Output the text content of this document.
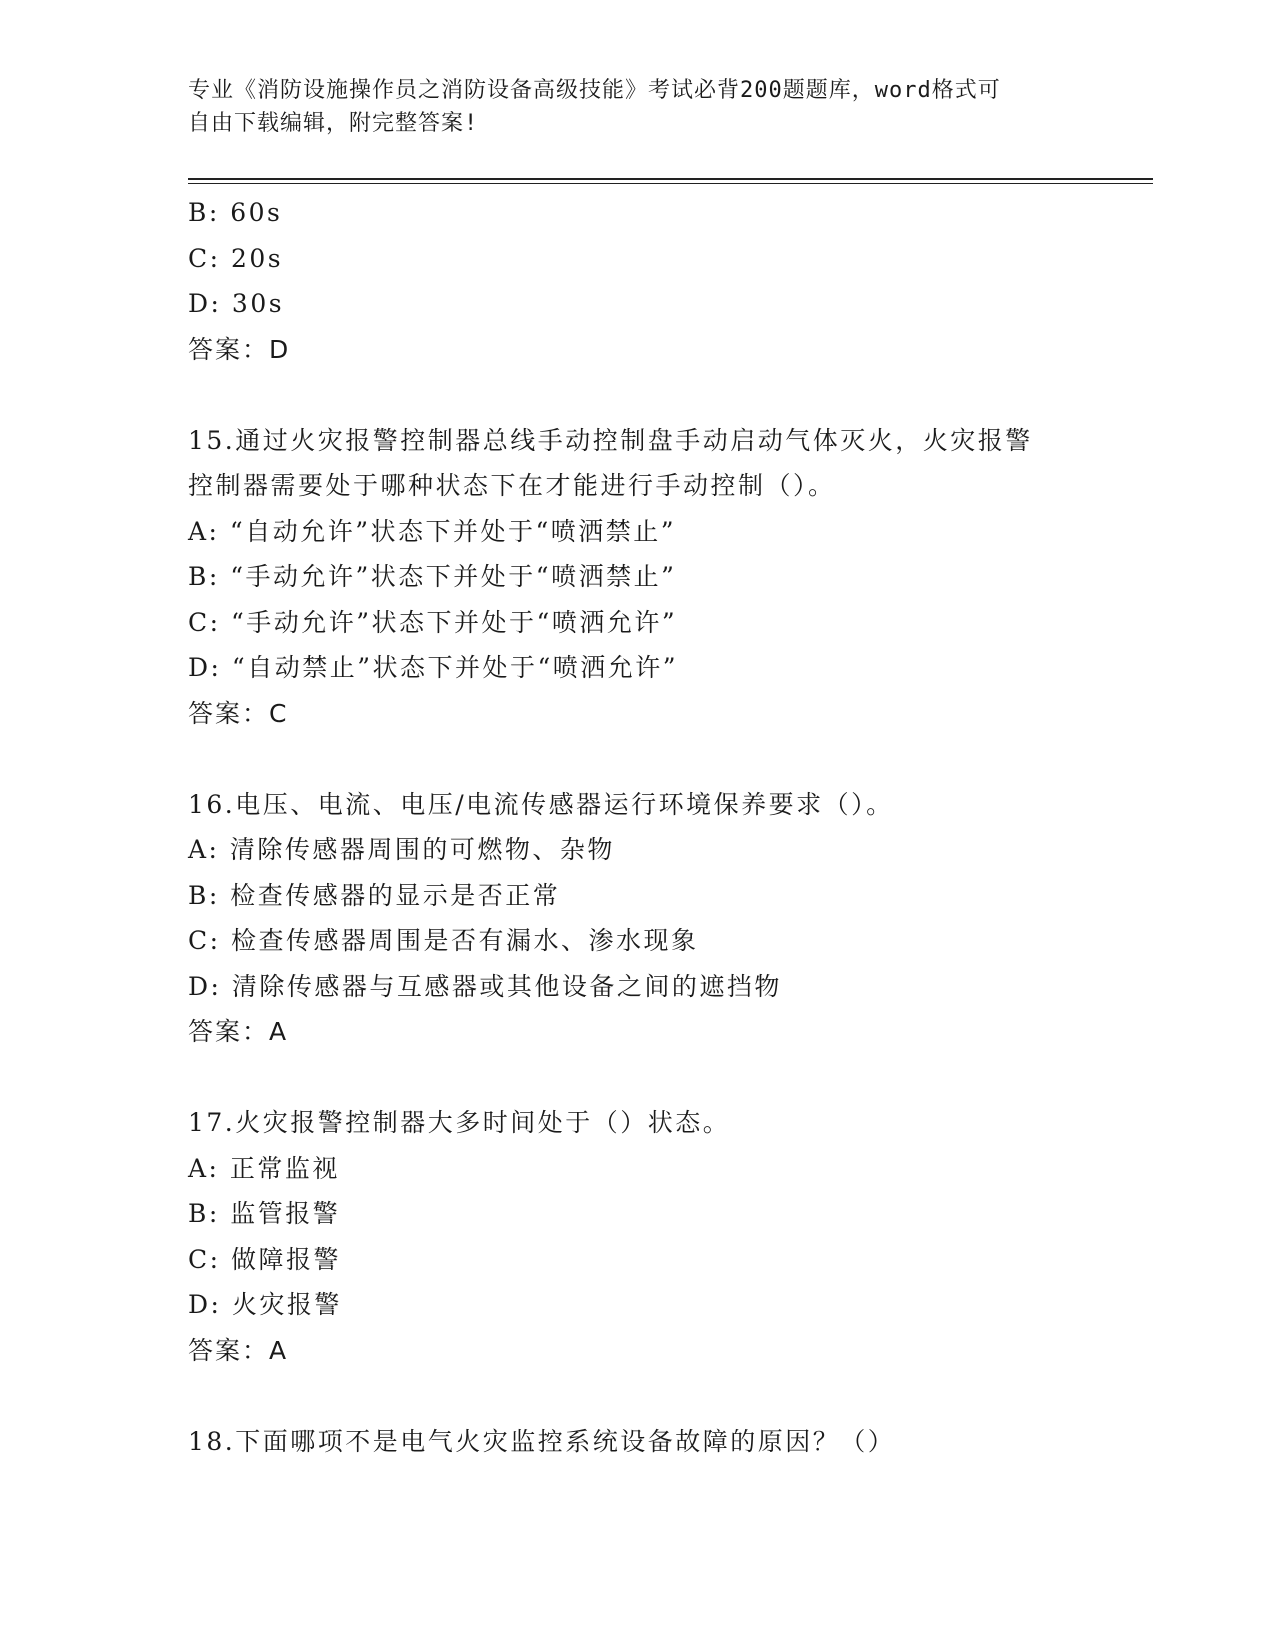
专业《消防设施操作员之消防设备高级技能》考试必背200题题库，word格式可
自由下载编辑，附完整答案!
B: 60s
C: 20s
D: 30s
答案：D
15.通过火灾报警控制器总线手动控制盘手动启动气体灭火，火灾报警
控制器需要处于哪种状态下在才能进行手动控制（）。
A: “自动允许”状态下并处于“喷洒禁止”
B: “手动允许”状态下并处于“喷洒禁止”
C: “手动允许”状态下并处于“喷洒允许”
D: “自动禁止”状态下并处于“喷洒允许”
答案：C
16.电压、电流、电压/电流传感器运行环境保养要求（）。
A: 清除传感器周围的可燃物、杂物
B: 检查传感器的显示是否正常
C: 检查传感器周围是否有漏水、渗水现象
D: 清除传感器与互感器或其他设备之间的遮挡物
答案：A
17.火灾报警控制器大多时间处于（）状态。
A: 正常监视
B: 监管报警
C: 做障报警
D: 火灾报警
答案：A
18.下面哪项不是电气火灾监控系统设备故障的原因？（）
